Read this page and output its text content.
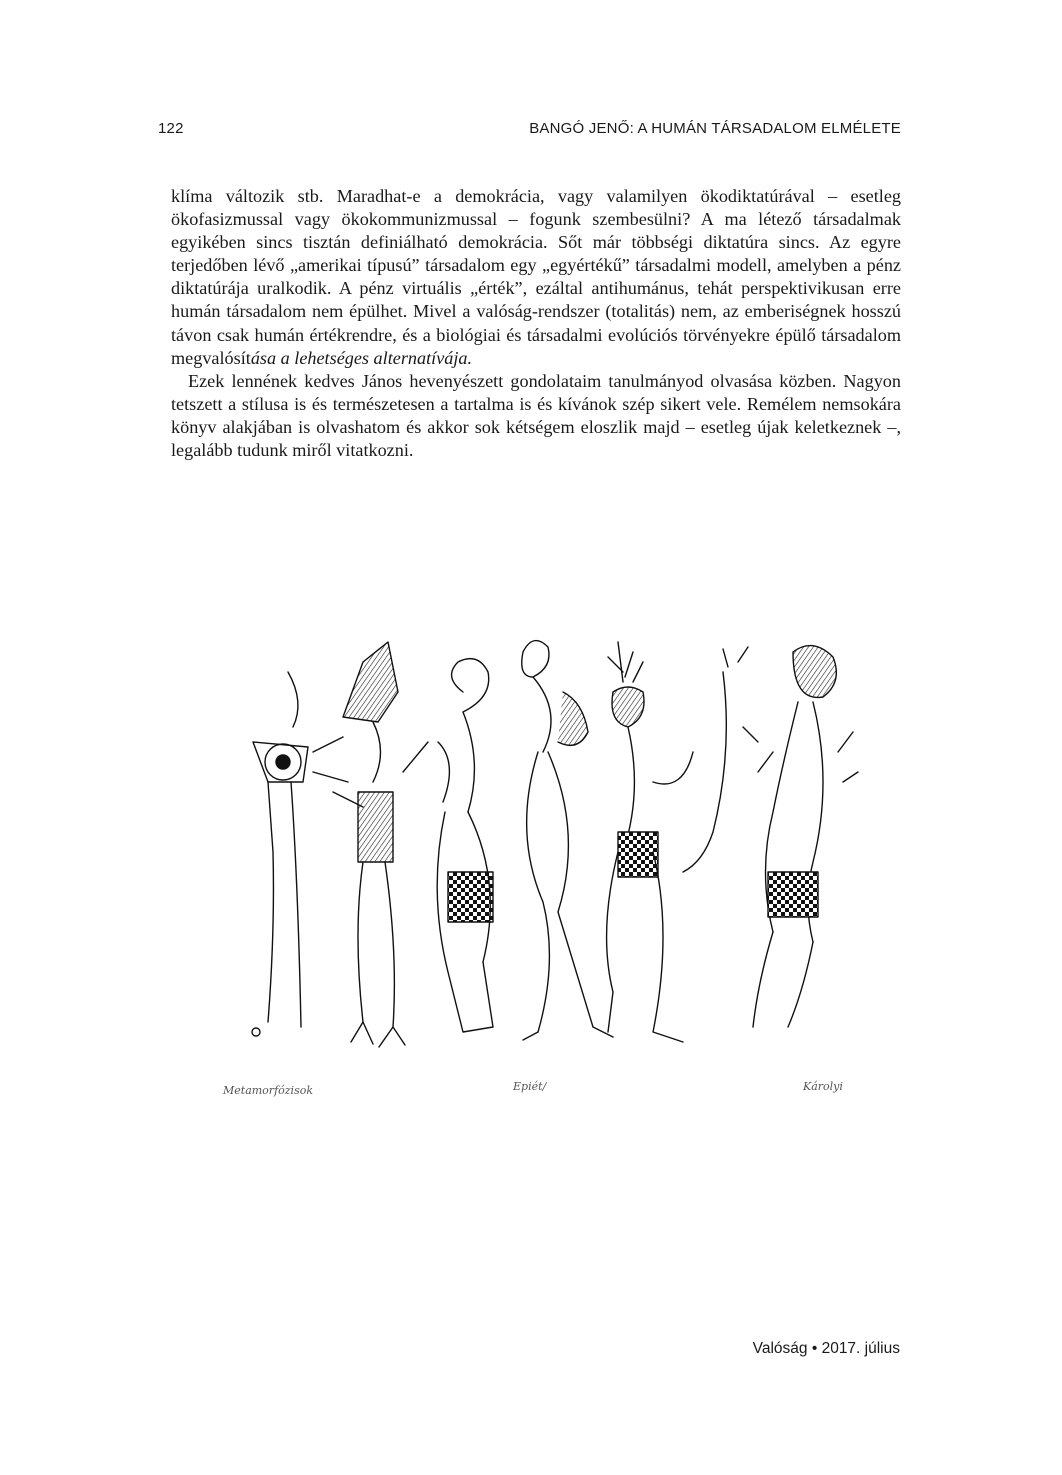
122	BANGÓ JENŐ: A HUMÁN TÁRSADALOM ELMÉLETE

klíma változik stb. Maradhat-e a demokrácia, vagy valamilyen ökodiktatúrával – esetleg ökofasizmussal vagy ökokommunizmussal – fogunk szembesülni? A ma létező társadalmak egyikében sincs tisztán definiálható demokrácia. Sőt már többségi diktatúra sincs. Az egyre terjedőben lévő „amerikai típusú” társadalom egy „egyértékű” társadalmi modell, amelyben a pénz diktatúrája uralkodik. A pénz virtuális „érték”, ezáltal antihumánus, tehát perspektivikusan erre humán társadalom nem épülhet. Mivel a valóság-rendszer (totalitás) nem, az emberiségnek hosszú távon csak humán értékrendre, és a biológiai és társadalmi evolúciós törvényekre épülő társadalom megvalósítása a lehetséges alternatívája.

Ezek lennének kedves János hevenyészett gondolataim tanulmányod olvasása közben. Nagyon tetszett a stílusa is és természetesen a tartalma is és kívánok szép sikert vele. Remélem nemsokára könyv alakjában is olvashatom és akkor sok kétségem eloszlik majd – esetleg újak keletkeznek –, legalább tudunk miről vitatkozni.

Metamorfózisok	Epiét/	Károlyi
Valóság • 2017. július
